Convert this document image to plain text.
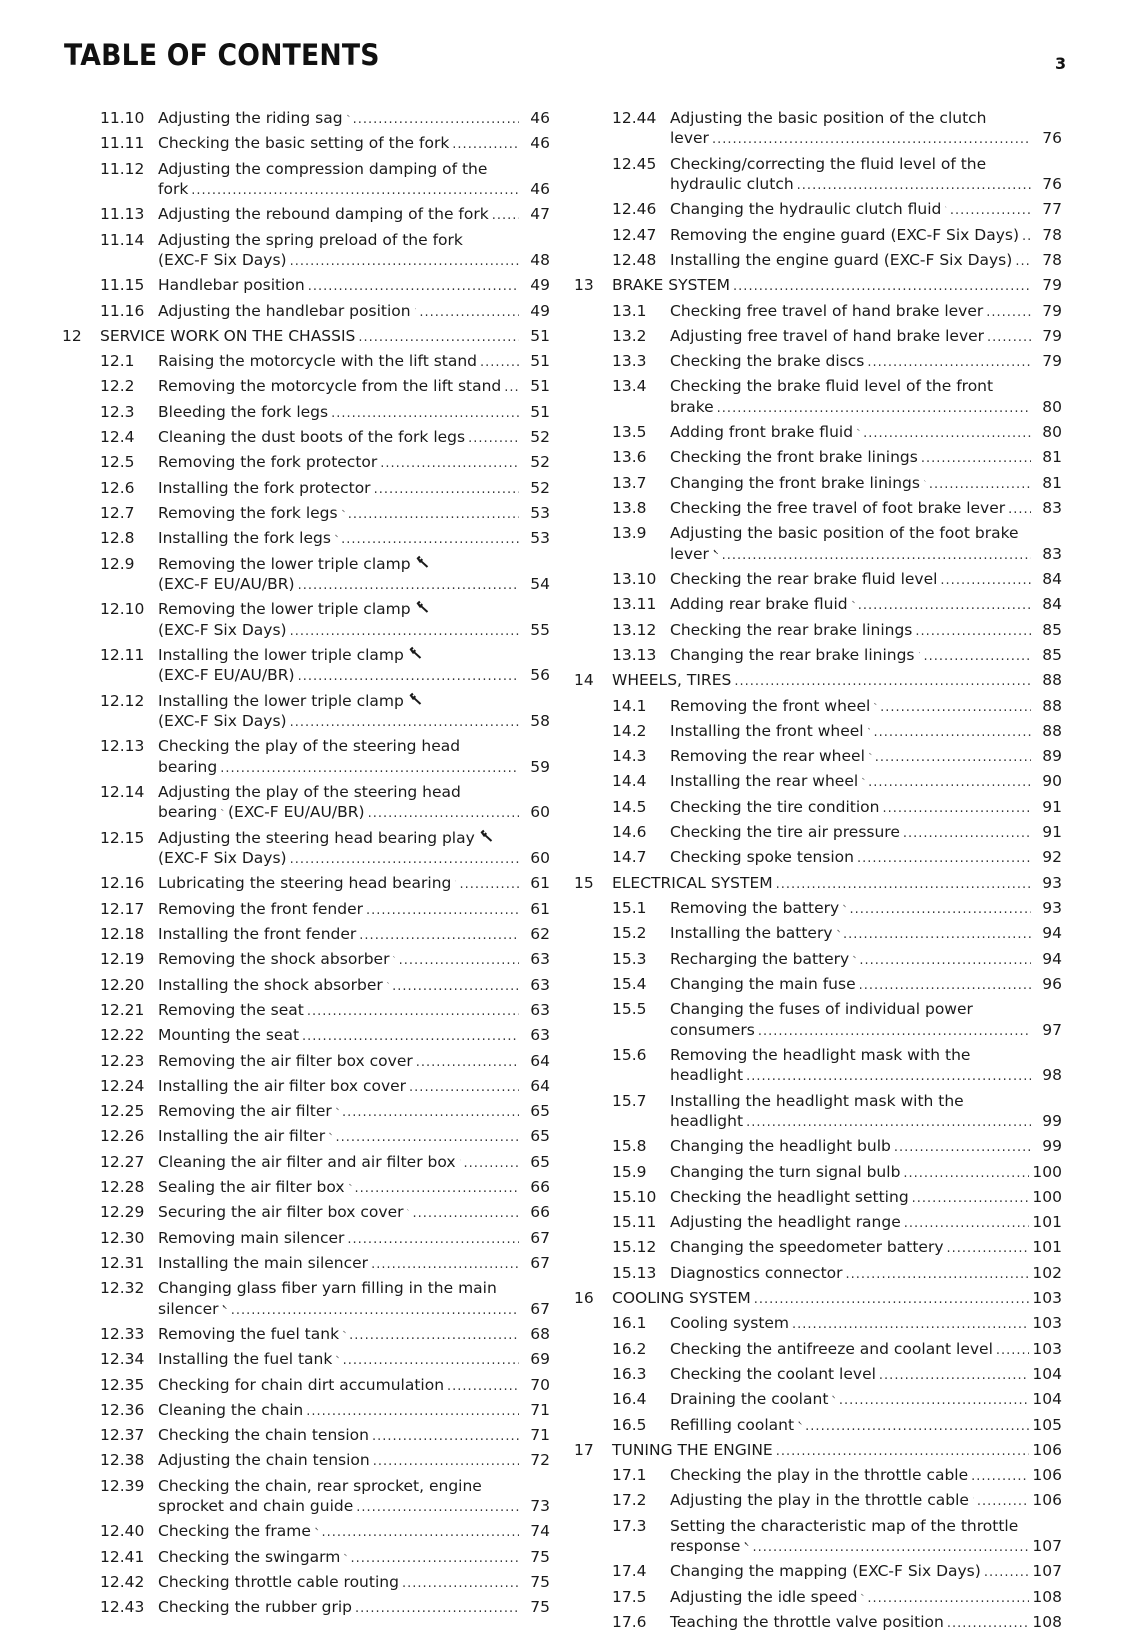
TABLE OF CONTENTS	3
11.10 Adjusting the riding sag .....	46
11.11 Checking the basic setting of the fork .....	46
11.12 Adjusting the compression damping of the
fork .....	46
11.13 Adjusting the rebound damping of the fork .....	47
11.14 Adjusting the spring preload of the fork
(EXC-F Six Days) .....	48
11.15 Handlebar position .....	49
11.16 Adjusting the handlebar position .....	49
12 SERVICE WORK ON THE CHASSIS .....	51
12.1 Raising the motorcycle with the lift stand .....	51
12.2 Removing the motorcycle from the lift stand .....	51
12.3 Bleeding the fork legs .....	51
12.4 Cleaning the dust boots of the fork legs .....	52
12.5 Removing the fork protector .....	52
12.6 Installing the fork protector .....	52
12.7 Removing the fork legs .....	53
12.8 Installing the fork legs .....	53
12.9 Removing the lower triple clamp
(EXC-F EU/AU/BR) .....	54
12.10 Removing the lower triple clamp
(EXC-F Six Days) .....	55
12.11 Installing the lower triple clamp
(EXC-F EU/AU/BR) .....	56
12.12 Installing the lower triple clamp
(EXC-F Six Days) .....	58
12.13 Checking the play of the steering head
bearing .....	59
12.14 Adjusting the play of the steering head
bearing (EXC-F EU/AU/BR) .....	60
12.15 Adjusting the steering head bearing play
(EXC-F Six Days) .....	60
12.16 Lubricating the steering head bearing .....	61
12.17 Removing the front fender .....	61
12.18 Installing the front fender .....	62
12.19 Removing the shock absorber .....	63
12.20 Installing the shock absorber .....	63
12.21 Removing the seat .....	63
12.22 Mounting the seat .....	63
12.23 Removing the air filter box cover .....	64
12.24 Installing the air filter box cover .....	64
12.25 Removing the air filter .....	65
12.26 Installing the air filter .....	65
12.27 Cleaning the air filter and air filter box .....	65
12.28 Sealing the air filter box .....	66
12.29 Securing the air filter box cover .....	66
12.30 Removing main silencer .....	67
12.31 Installing the main silencer .....	67
12.32 Changing glass fiber yarn filling in the main
silencer .....	67
12.33 Removing the fuel tank .....	68
12.34 Installing the fuel tank .....	69
12.35 Checking for chain dirt accumulation .....	70
12.36 Cleaning the chain .....	71
12.37 Checking the chain tension .....	71
12.38 Adjusting the chain tension .....	72
12.39 Checking the chain, rear sprocket, engine
sprocket and chain guide .....	73
12.40 Checking the frame .....	74
12.41 Checking the swingarm .....	75
12.42 Checking throttle cable routing .....	75
12.43 Checking the rubber grip .....	75
12.44 Adjusting the basic position of the clutch
lever .....	76
12.45 Checking/correcting the fluid level of the
hydraulic clutch .....	76
12.46 Changing the hydraulic clutch fluid .....	77
12.47 Removing the engine guard (EXC-F Six Days) .....	78
12.48 Installing the engine guard (EXC-F Six Days) .....	78
13 BRAKE SYSTEM .....	79
13.1 Checking free travel of hand brake lever .....	79
13.2 Adjusting free travel of hand brake lever .....	79
13.3 Checking the brake discs .....	79
13.4 Checking the brake fluid level of the front
brake .....	80
13.5 Adding front brake fluid .....	80
13.6 Checking the front brake linings .....	81
13.7 Changing the front brake linings .....	81
13.8 Checking the free travel of foot brake lever .....	83
13.9 Adjusting the basic position of the foot brake
lever .....	83
13.10 Checking the rear brake fluid level .....	84
13.11 Adding rear brake fluid .....	84
13.12 Checking the rear brake linings .....	85
13.13 Changing the rear brake linings .....	85
14 WHEELS, TIRES .....	88
14.1 Removing the front wheel .....	88
14.2 Installing the front wheel .....	88
14.3 Removing the rear wheel .....	89
14.4 Installing the rear wheel .....	90
14.5 Checking the tire condition .....	91
14.6 Checking the tire air pressure .....	91
14.7 Checking spoke tension .....	92
15 ELECTRICAL SYSTEM .....	93
15.1 Removing the battery .....	93
15.2 Installing the battery .....	94
15.3 Recharging the battery .....	94
15.4 Changing the main fuse .....	96
15.5 Changing the fuses of individual power
consumers .....	97
15.6 Removing the headlight mask with the
headlight .....	98
15.7 Installing the headlight mask with the
headlight .....	99
15.8 Changing the headlight bulb .....	99
15.9 Changing the turn signal bulb .....	100
15.10 Checking the headlight setting .....	100
15.11 Adjusting the headlight range .....	101
15.12 Changing the speedometer battery .....	101
15.13 Diagnostics connector .....	102
16 COOLING SYSTEM .....	103
16.1 Cooling system .....	103
16.2 Checking the antifreeze and coolant level .....	103
16.3 Checking the coolant level .....	104
16.4 Draining the coolant .....	104
16.5 Refilling coolant .....	105
17 TUNING THE ENGINE .....	106
17.1 Checking the play in the throttle cable .....	106
17.2 Adjusting the play in the throttle cable .....	106
17.3 Setting the characteristic map of the throttle
response .....	107
17.4 Changing the mapping (EXC-F Six Days) .....	107
17.5 Adjusting the idle speed .....	108
17.6 Teaching the throttle valve position .....	108
